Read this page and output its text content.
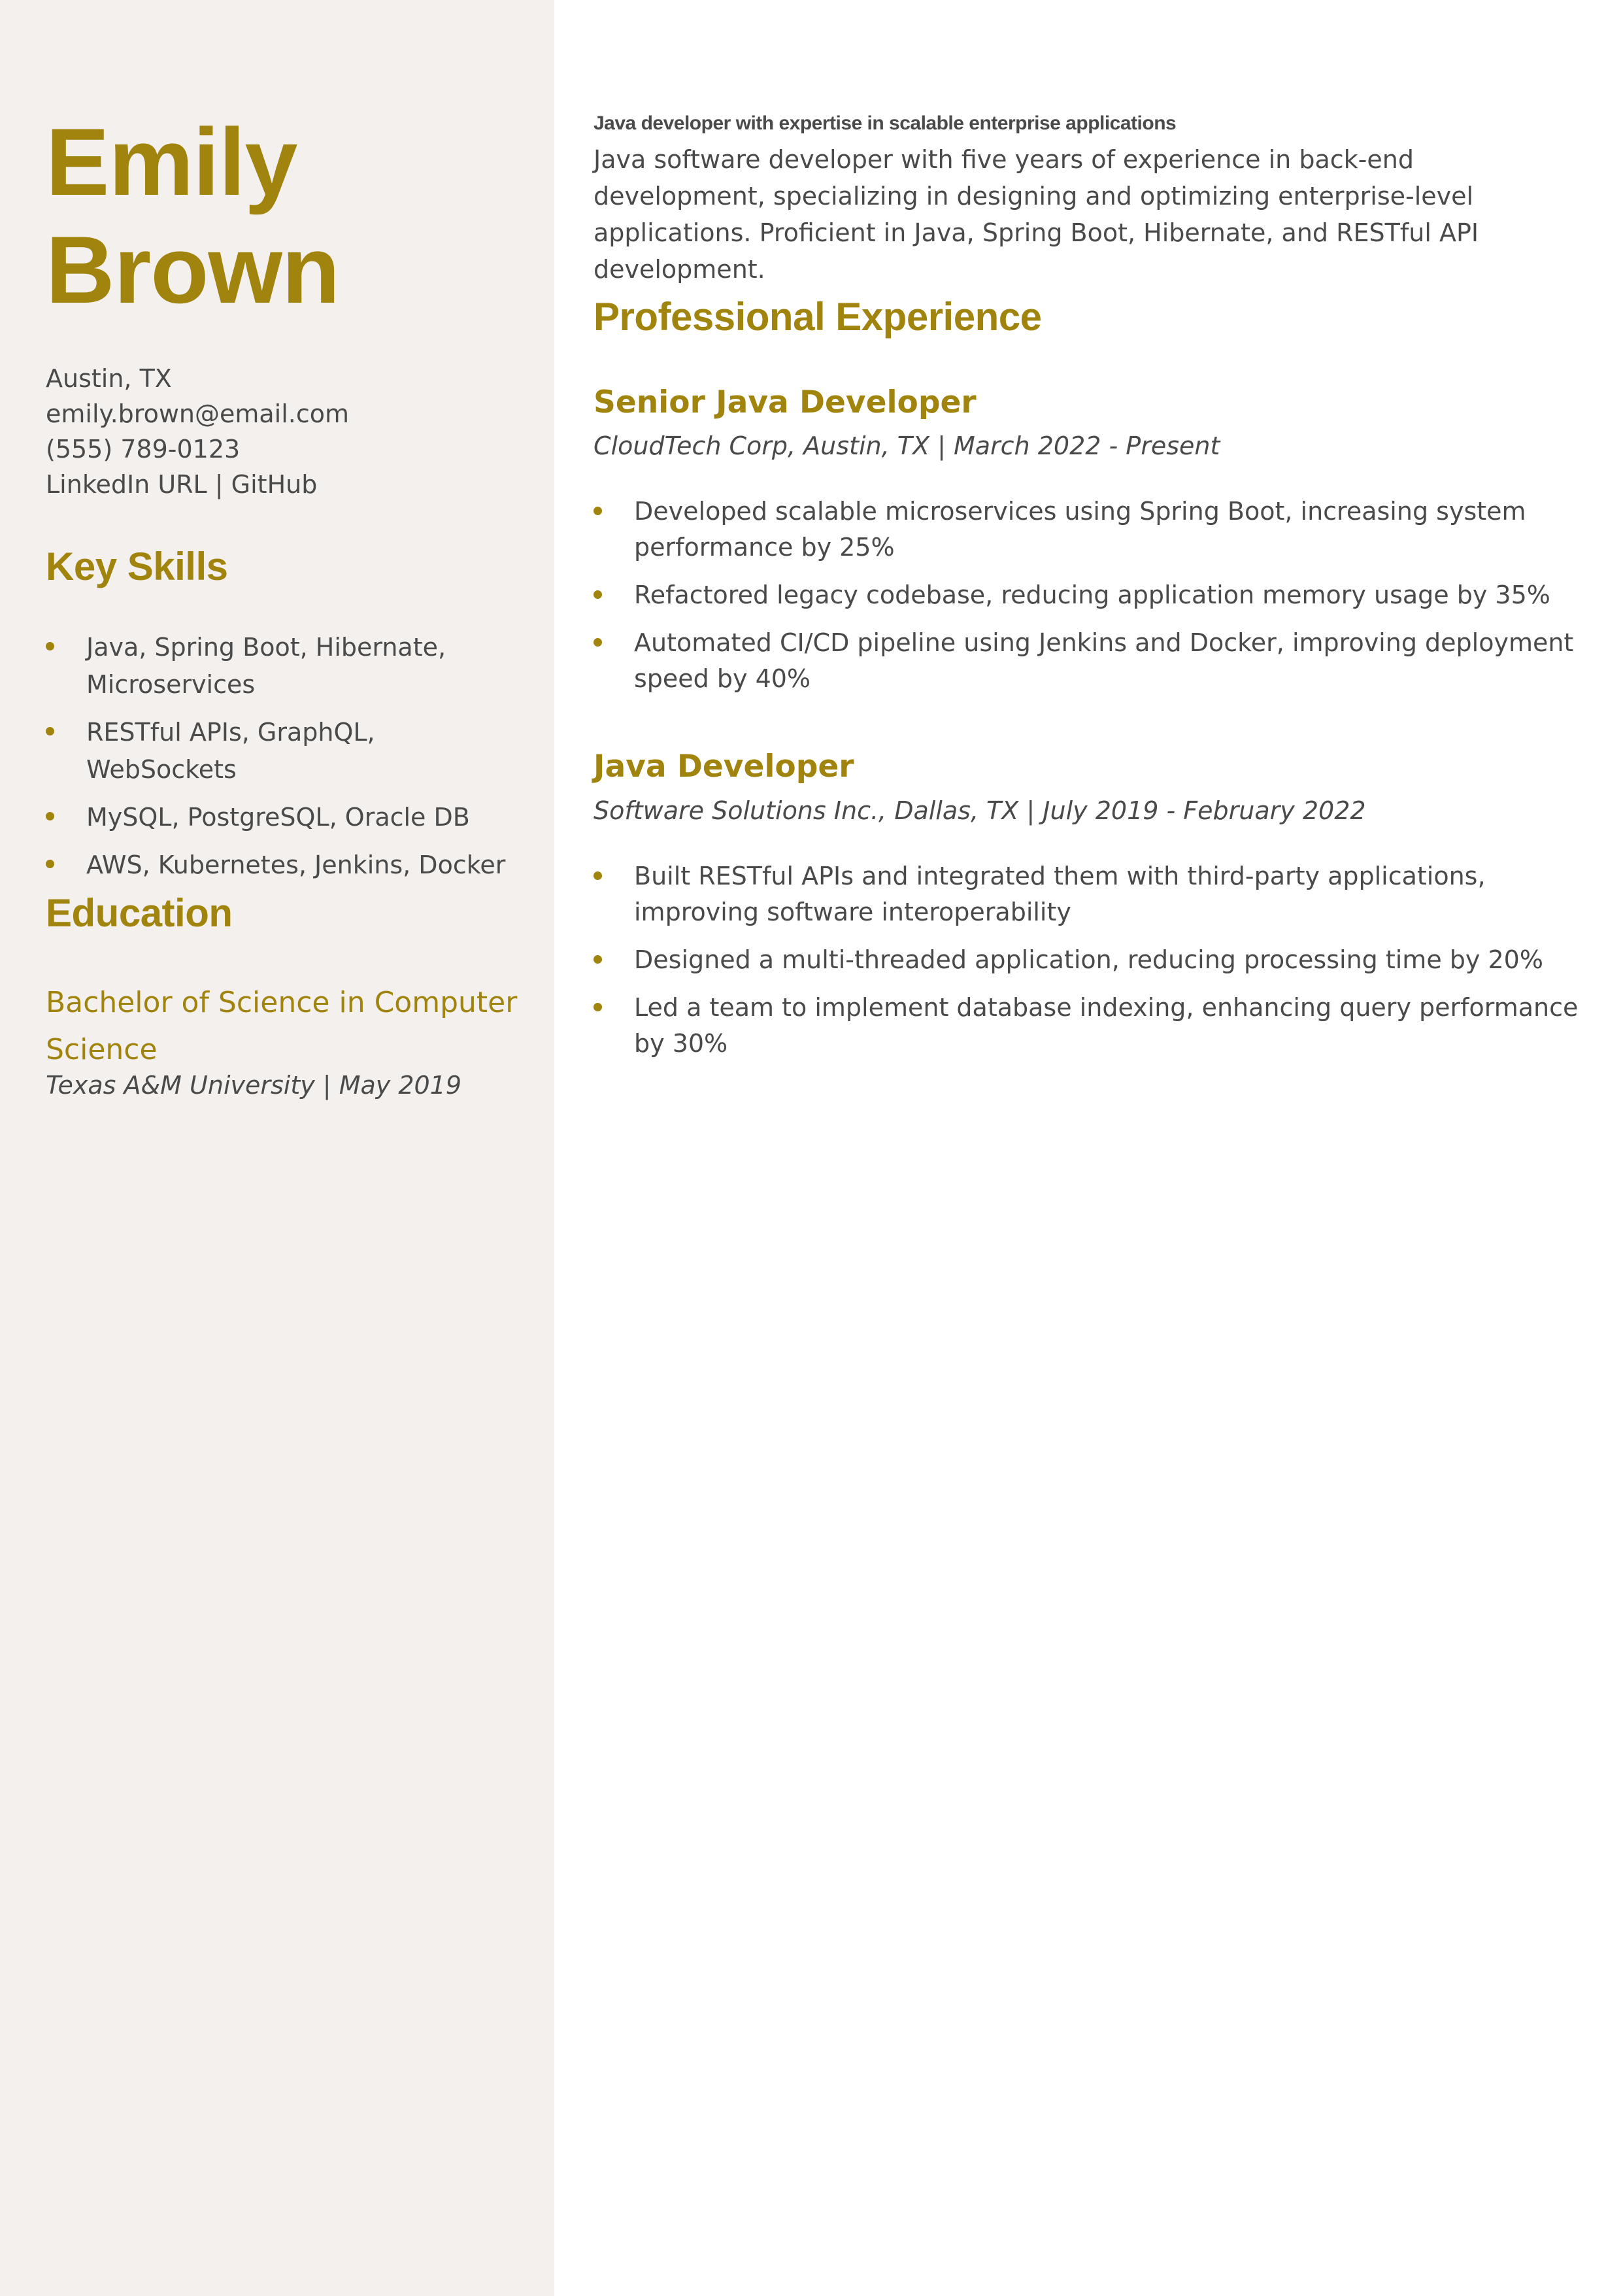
Emily
Brown
Austin, TX
emily.brown@email.com
(555) 789-0123
LinkedIn URL | GitHub
Key Skills
Java, Spring Boot, Hibernate, Microservices
RESTful APIs, GraphQL, WebSockets
MySQL, PostgreSQL, Oracle DB
AWS, Kubernetes, Jenkins, Docker
Education
Bachelor of Science in Computer Science
Texas A&M University | May 2019
Java developer with expertise in scalable enterprise applications
Java software developer with five years of experience in back-end development, specializing in designing and optimizing enterprise-level applications. Proficient in Java, Spring Boot, Hibernate, and RESTful API development.
Professional Experience
Senior Java Developer
CloudTech Corp, Austin, TX | March 2022 - Present
Developed scalable microservices using Spring Boot, increasing system performance by 25%
Refactored legacy codebase, reducing application memory usage by 35%
Automated CI/CD pipeline using Jenkins and Docker, improving deployment speed by 40%
Java Developer
Software Solutions Inc., Dallas, TX | July 2019 - February 2022
Built RESTful APIs and integrated them with third-party applications, improving software interoperability
Designed a multi-threaded application, reducing processing time by 20%
Led a team to implement database indexing, enhancing query performance by 30%
